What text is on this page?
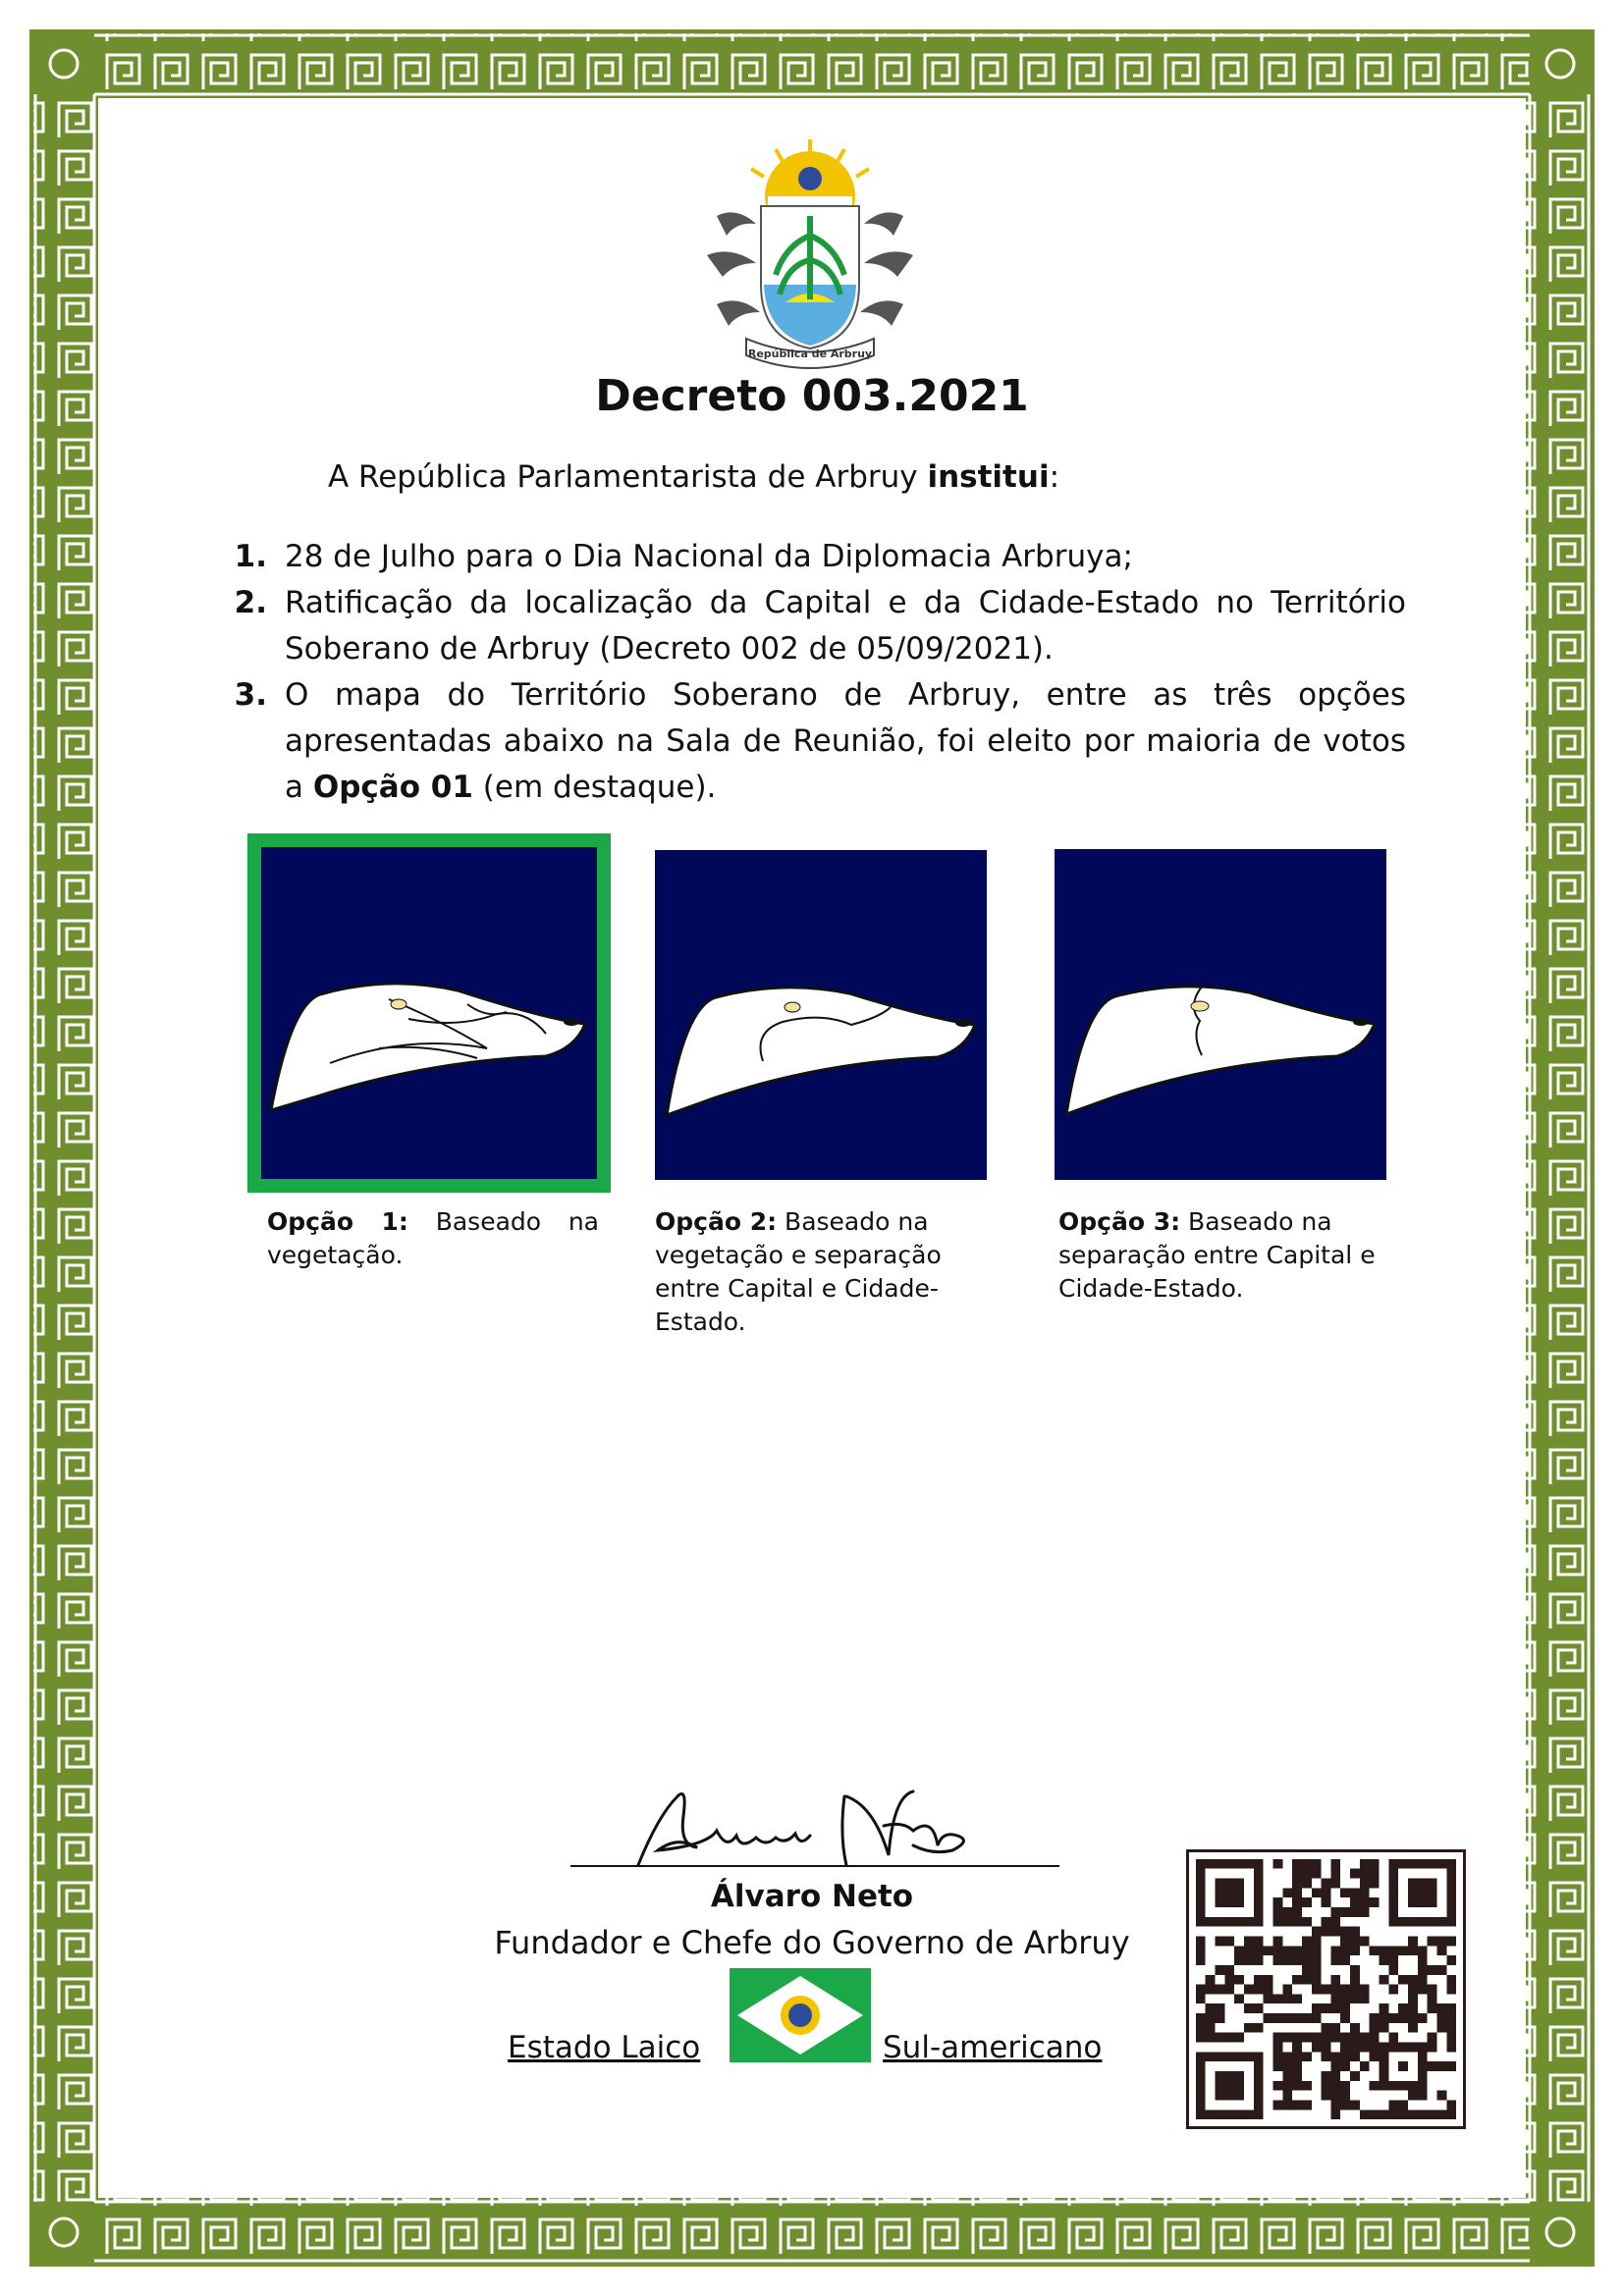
República de Arbruy
Decreto 003.2021
A República Parlamentarista de Arbruy institui:
1. 28 de Julho para o Dia Nacional da Diplomacia Arbruya;
2. Ratificação da localização da Capital e da Cidade-Estado no Território Soberano de Arbruy (Decreto 002 de 05/09/2021).
3. O mapa do Território Soberano de Arbruy, entre as três opções apresentadas abaixo na Sala de Reunião, foi eleito por maioria de votos a Opção 01 (em destaque).
Opção 1: Baseado na vegetação.
Opção 2: Baseado na vegetação e separação entre Capital e Cidade-Estado.
Opção 3: Baseado na separação entre Capital e Cidade-Estado.
Álvaro Neto
Fundador e Chefe do Governo de Arbruy
Estado Laico	Sul-americano
